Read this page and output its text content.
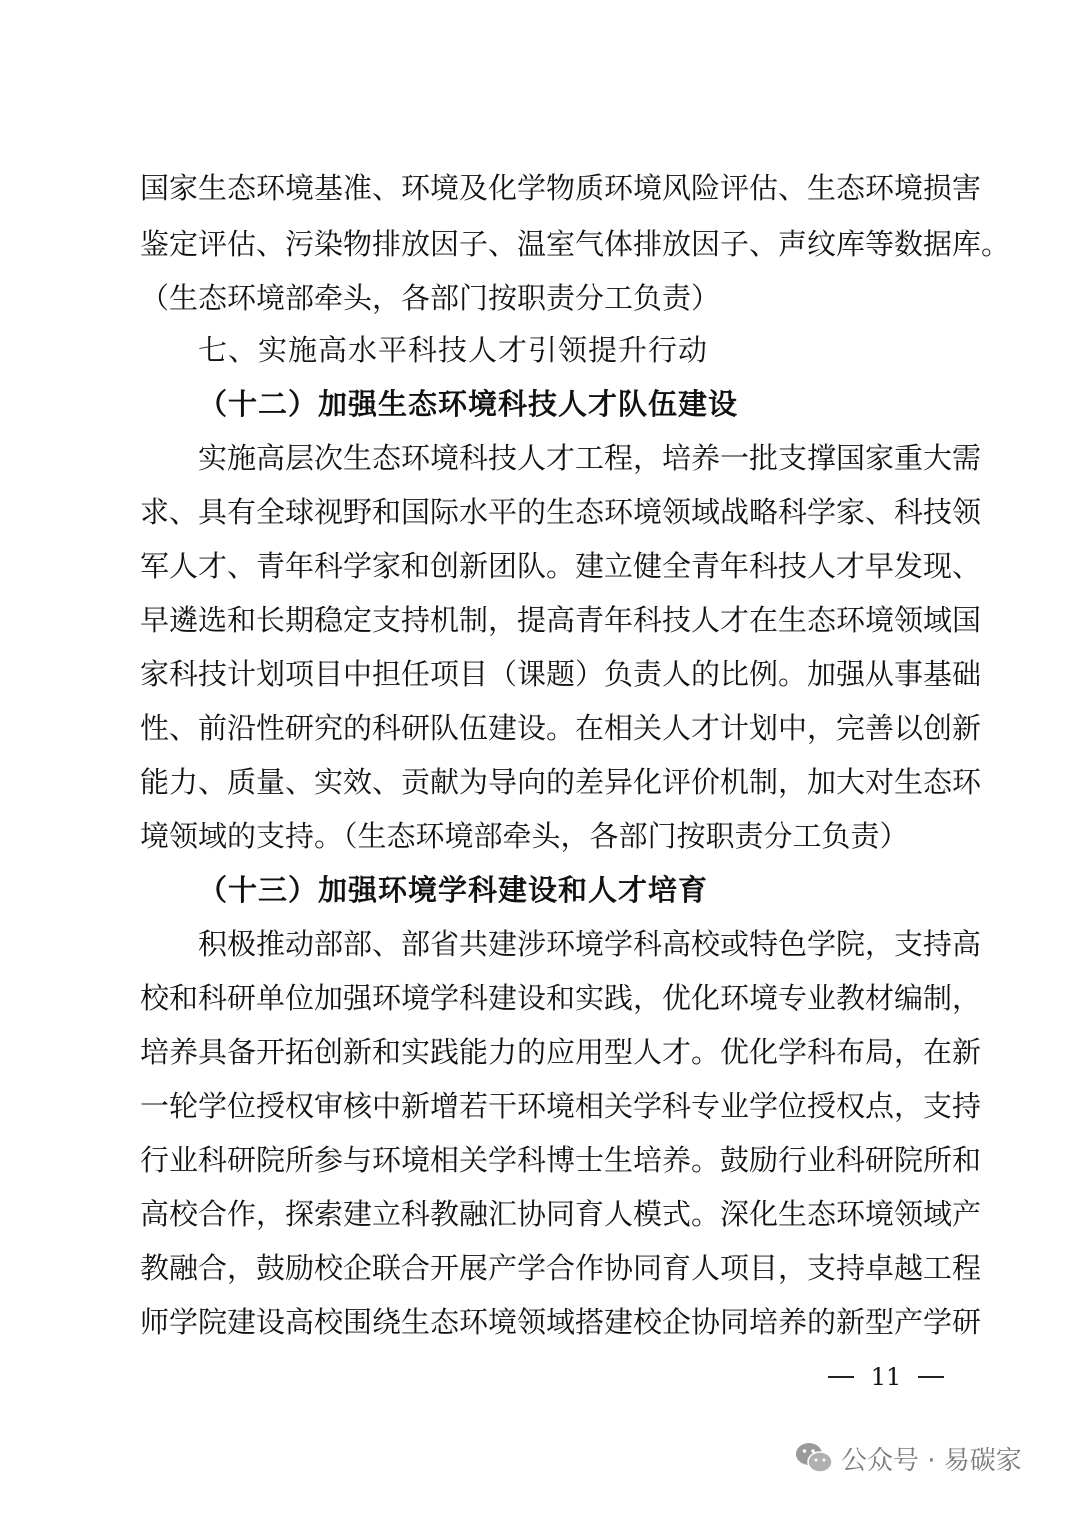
国家生态环境基准、环境及化学物质环境风险评估、生态环境损害
鉴定评估、污染物排放因子、温室气体排放因子、声纹库等数据库。
（生态环境部牵头，各部门按职责分工负责）
七、实施高水平科技人才引领提升行动
（十二）加强生态环境科技人才队伍建设
实施高层次生态环境科技人才工程，培养一批支撑国家重大需
求、具有全球视野和国际水平的生态环境领域战略科学家、科技领
军人才、青年科学家和创新团队。建立健全青年科技人才早发现、
早遴选和长期稳定支持机制，提高青年科技人才在生态环境领域国
家科技计划项目中担任项目（课题）负责人的比例。加强从事基础
性、前沿性研究的科研队伍建设。在相关人才计划中，完善以创新
能力、质量、实效、贡献为导向的差异化评价机制，加大对生态环
境领域的支持。（生态环境部牵头，各部门按职责分工负责）
（十三）加强环境学科建设和人才培育
积极推动部部、部省共建涉环境学科高校或特色学院，支持高
校和科研单位加强环境学科建设和实践，优化环境专业教材编制，
培养具备开拓创新和实践能力的应用型人才。优化学科布局，在新
一轮学位授权审核中新增若干环境相关学科专业学位授权点，支持
行业科研院所参与环境相关学科博士生培养。鼓励行业科研院所和
高校合作，探索建立科教融汇协同育人模式。深化生态环境领域产
教融合，鼓励校企联合开展产学合作协同育人项目，支持卓越工程
师学院建设高校围绕生态环境领域搭建校企协同培养的新型产学研
11
公众号 · 易碳家
